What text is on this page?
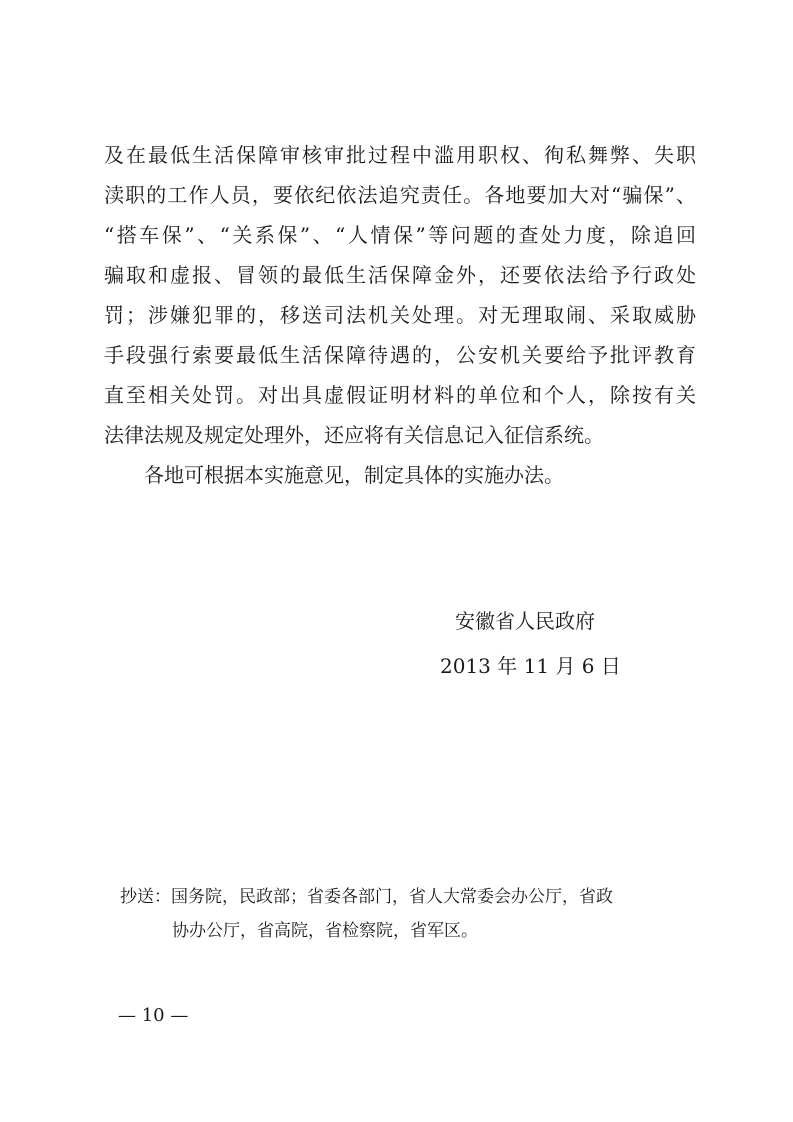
及在最低生活保障审核审批过程中滥用职权、徇私舞弊、失职
渎职的工作人员，要依纪依法追究责任。各地要加大对“骗保”、
“搭车保”、“关系保”、“人情保”等问题的查处力度，除追回
骗取和虚报、冒领的最低生活保障金外，还要依法给予行政处
罚；涉嫌犯罪的，移送司法机关处理。对无理取闹、采取威胁
手段强行索要最低生活保障待遇的，公安机关要给予批评教育
直至相关处罚。对出具虚假证明材料的单位和个人，除按有关
法律法规及规定处理外，还应将有关信息记入征信系统。
各地可根据本实施意见，制定具体的实施办法。
安徽省人民政府
2013 年 11 月 6 日
抄送：国务院，民政部；省委各部门，省人大常委会办公厅，省政
协办公厅，省高院，省检察院，省军区。
— 10 —
